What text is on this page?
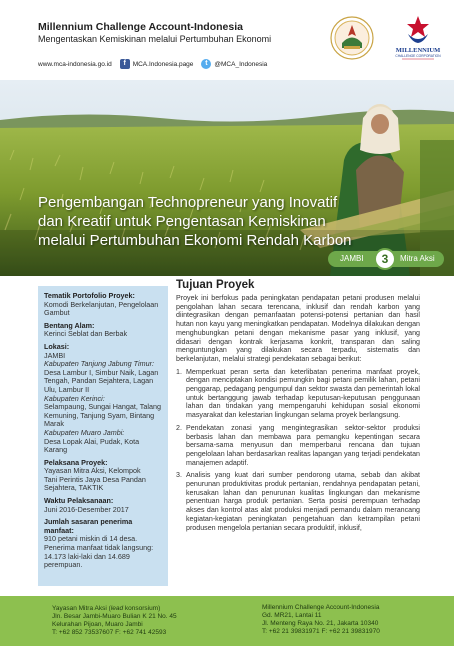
Millennium Challenge Account-Indonesia
Mengentaskan Kemiskinan melalui Pertumbuhan Ekonomi
www.mca-indonesia.go.id	f	MCA.Indonesia.page	t	@MCA_Indonesia
MILLENNIUM
CHALLENGE CORPORATION
Pengembangan Technopreneur yang Inovatif
dan Kreatif untuk Pengentasan Kemiskinan
melalui Pertumbuhan Ekonomi Rendah Karbon
JAMBI	3	Mitra Aksi
Tematik Portofolio Proyek:
Komodi Berkelanjutan, Pengelolaan Gambut
Bentang Alam:
Kerinci Seblat dan Berbak
Lokasi:
JAMBI
Kabupaten Tanjung Jabung Timur: Desa Lambur I, Simbur Naik, Lagan Tengah, Pandan Sejahtera, Lagan Ulu, Lambur II
Kabupaten Kerinci:
Selampaung, Sungai Hangat, Talang Kemuning, Tanjung Syam, Bintang Marak
Kabupaten Muaro Jambi:
Desa Lopak Alai, Pudak, Kota Karang
Pelaksana Proyek:
Yayasan Mitra Aksi, Kelompok
Tani Perintis Jaya Desa Pandan Sejahtera, TAKTIK
Waktu Pelaksanaan:
Juni 2016-Desember 2017
Jumlah sasaran penerima manfaat:
910 petani miskin di 14 desa. Penerima manfaat tidak langsung: 14.173 laki-laki dan 14.689 perempuan.
Tujuan Proyek

Proyek ini berfokus pada peningkatan pendapatan petani produsen melalui pengolahan lahan secara terencana, inklusif dan rendah karbon yang diintegrasikan dengan pemanfaatan potensi-potensi pertanian dan hasil hutan non kayu yang meningkatkan pendapatan. Modelnya dilakukan dengan menghubungkan petani dengan mekanisme pasar yang inklusif, yang didasari dengan kontrak kerjasama konkrit, transparan dan saling menguntungkan yang dilakukan secara terpadu, sistematis dan berkelanjutan, melalui strategi pendekatan sebagai berikut:

1. Memperkuat peran serta dan keterlibatan penerima manfaat proyek, dengan menciptakan kondisi pemungkin bagi petani pemilik lahan, petani penggarap, pedagang pengumpul dan sektor swasta dan pemerintah lokal untuk bertanggung jawab terhadap keputusan-keputusan penggunaan lahan dan tindakan yang mempengaruhi kehidupan sosial ekonomi masyarakat dan kelestarian lingkungan selama proyek berlangsung.
2. Pendekatan zonasi yang mengintegrasikan sektor-sektor produksi berbasis lahan dan membawa para pemangku kepentingan secara bersama-sama menyusun dan memperbarui rencana dan tujuan pengelolaan lahan berdasarkan realitas lapangan yang terjadi pendekatan manajemen adaptif.
3. Analisis yang kuat dari sumber pendorong utama, sebab dan akibat penurunan produktivitas produk pertanian, rendahnya pendapatan petani, kerusakan lahan dan penurunan kualitas lingkungan dan mekanisme penentuan harga produk pertanian. Serta posisi perempuan terhadap akses dan kontrol atas alat produksi menjadi pemandu dalam merancang kegiatan-kegiatan peningkatan pengetahuan dan ketrampilan petani produsen mengelola pertanian secara produktif, inklusif,
Yayasan Mitra Aksi (lead konsorsium)
Jln. Besar Jambi-Muaro Bulian K 21 No. 45
Kelurahan Pijoan, Muaro Jambi
T: +62 852 73537607 F: +62 741 42593
Millennium Challenge Account-Indonesia
Gd. MR21, Lantai 11
Jl. Menteng Raya No. 21, Jakarta 10340
T: +62 21 39831971 F: +62 21 39831970
